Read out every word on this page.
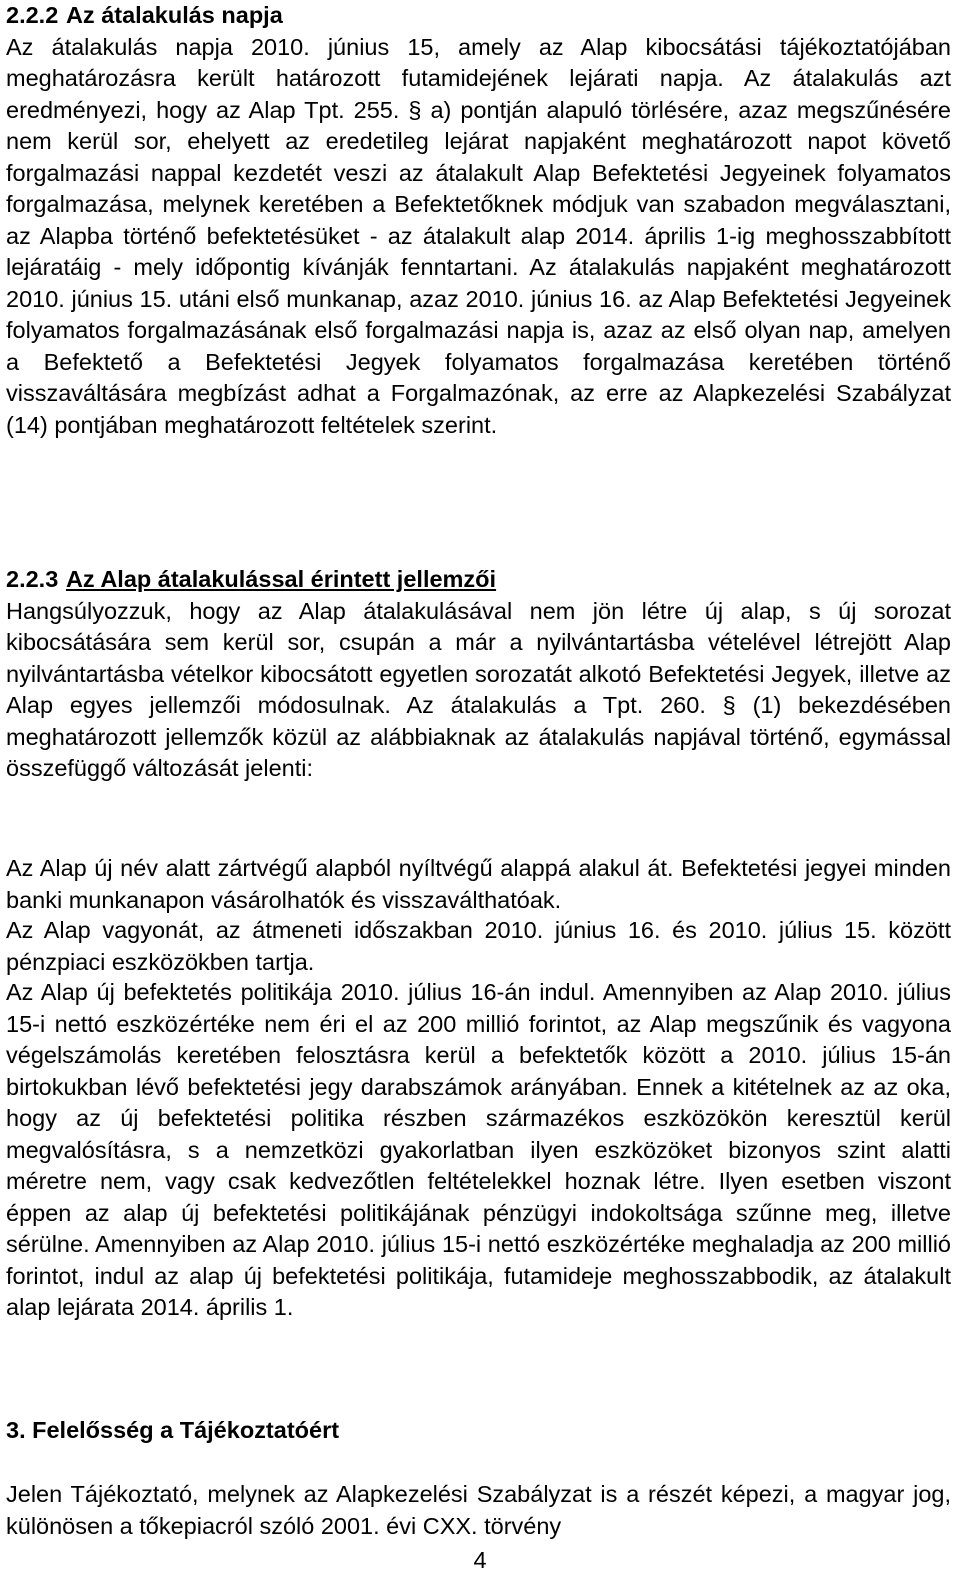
2.2.2 Az átalakulás napja

Az átalakulás napja 2010. június 15, amely az Alap kibocsátási tájékoztatójában meghatározásra került határozott futamidejének lejárati napja. Az átalakulás azt eredményezi, hogy az Alap Tpt. 255. § a) pontján alapuló törlésére, azaz megszűnésére nem kerül sor, ehelyett az eredetileg lejárat napjaként meghatározott napot követő forgalmazási nappal kezdetét veszi az átalakult Alap Befektetési Jegyeinek folyamatos forgalmazása, melynek keretében a Befektetőknek módjuk van szabadon megválasztani, az Alapba történő befektetésüket - az átalakult alap 2014. április 1-ig meghosszabbított lejáratáig - mely időpontig kívánják fenntartani. Az átalakulás napjaként meghatározott 2010. június 15. utáni első munkanap, azaz 2010. június 16. az Alap Befektetési Jegyeinek folyamatos forgalmazásának első forgalmazási napja is, azaz az első olyan nap, amelyen a Befektető a Befektetési Jegyek folyamatos forgalmazása keretében történő visszaváltására megbízást adhat a Forgalmazónak, az erre az Alapkezelési Szabályzat (14) pontjában meghatározott feltételek szerint.

2.2.3 Az Alap átalakulással érintett jellemzői

Hangsúlyozzuk, hogy az Alap átalakulásával nem jön létre új alap, s új sorozat kibocsátására sem kerül sor, csupán a már a nyilvántartásba vételével létrejött Alap nyilvántartásba vételkor kibocsátott egyetlen sorozatát alkotó Befektetési Jegyek, illetve az Alap egyes jellemzői módosulnak. Az átalakulás a Tpt. 260. § (1) bekezdésében meghatározott jellemzők közül az alábbiaknak az átalakulás napjával történő, egymással összefüggő változását jelenti:

Az Alap új név alatt zártvégű alapból nyíltvégű alappá alakul át. Befektetési jegyei minden banki munkanapon vásárolhatók és visszaválthatóak.

Az Alap vagyonát, az átmeneti időszakban 2010. június 16. és 2010. július 15. között pénzpiaci eszközökben tartja.

Az Alap új befektetés politikája 2010. július 16-án indul. Amennyiben az Alap 2010. július 15-i nettó eszközértéke nem éri el az 200 millió forintot, az Alap megszűnik és vagyona végelszámolás keretében felosztásra kerül a befektetők között a 2010. július 15-án birtokukban lévő befektetési jegy darabszámok arányában. Ennek a kitételnek az az oka, hogy az új befektetési politika részben származékos eszközökön keresztül kerül megvalósításra, s a nemzetközi gyakorlatban ilyen eszközöket bizonyos szint alatti méretre nem, vagy csak kedvezőtlen feltételekkel hoznak létre. Ilyen esetben viszont éppen az alap új befektetési politikájának pénzügyi indokoltsága szűnne meg, illetve sérülne. Amennyiben az Alap 2010. július 15-i nettó eszközértéke meghaladja az 200 millió forintot, indul az alap új befektetési politikája, futamideje meghosszabbodik, az átalakult alap lejárata 2014. április 1.

3. Felelősség a Tájékoztatóért

Jelen Tájékoztató, melynek az Alapkezelési Szabályzat is a részét képezi, a magyar jog, különösen a tőkepiacról szóló 2001. évi CXX. törvény

4
